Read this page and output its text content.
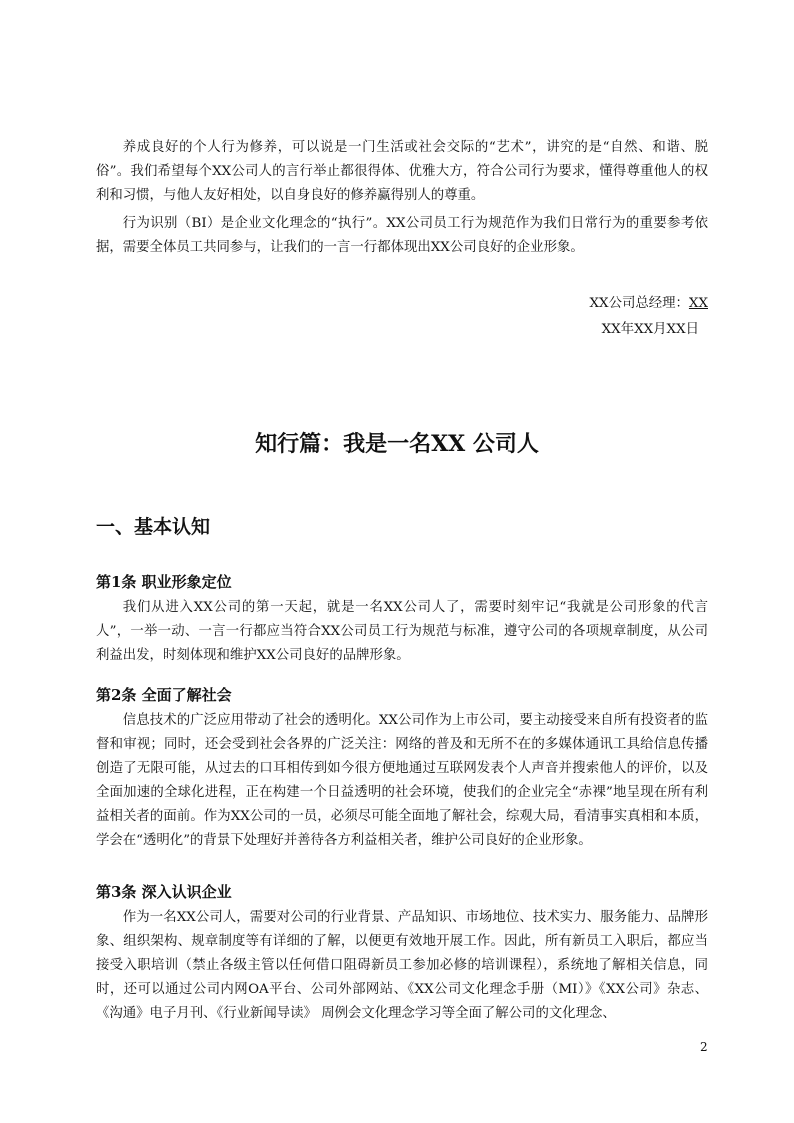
养成良好的个人行为修养，可以说是一门生活或社会交际的“艺术”，讲究的是“自然、和谐、脱俗”。我们希望每个XX公司人的言行举止都很得体、优雅大方，符合公司行为要求，懂得尊重他人的权利和习惯，与他人友好相处，以自身良好的修养赢得别人的尊重。

行为识别（BI）是企业文化理念的“执行”。XX公司员工行为规范作为我们日常行为的重要参考依据，需要全体员工共同参与，让我们的一言一行都体现出XX公司良好的企业形象。

XX公司总经理：XX
XX年XX月XX日
知行篇：我是一名XX 公司人
一、基本认知
第1条 职业形象定位

我们从进入XX公司的第一天起，就是一名XX公司人了，需要时刻牢记“我就是公司形象的代言人”，一举一动、一言一行都应当符合XX公司员工行为规范与标准，遵守公司的各项规章制度，从公司利益出发，时刻体现和维护XX公司良好的品牌形象。

第2条 全面了解社会

信息技术的广泛应用带动了社会的透明化。XX公司作为上市公司，要主动接受来自所有投资者的监督和审视；同时，还会受到社会各界的广泛关注：网络的普及和无所不在的多媒体通讯工具给信息传播创造了无限可能，从过去的口耳相传到如今很方便地通过互联网发表个人声音并搜索他人的评价，以及全面加速的全球化进程，正在构建一个日益透明的社会环境，使我们的企业完全“赤裸”地呈现在所有利益相关者的面前。作为XX公司的一员，必须尽可能全面地了解社会，综观大局，看清事实真相和本质，学会在“透明化”的背景下处理好并善待各方利益相关者，维护公司良好的企业形象。

第3条 深入认识企业

作为一名XX公司人，需要对公司的行业背景、产品知识、市场地位、技术实力、服务能力、品牌形象、组织架构、规章制度等有详细的了解，以便更有效地开展工作。因此，所有新员工入职后，都应当接受入职培训（禁止各级主管以任何借口阻碍新员工参加必修的培训课程），系统地了解相关信息，同时，还可以通过公司内网OA平台、公司外部网站、《XX公司文化理念手册（MI）》《XX公司》杂志、《沟通》电子月刊、《行业新闻导读》 周例会文化理念学习等全面了解公司的文化理念、

2
